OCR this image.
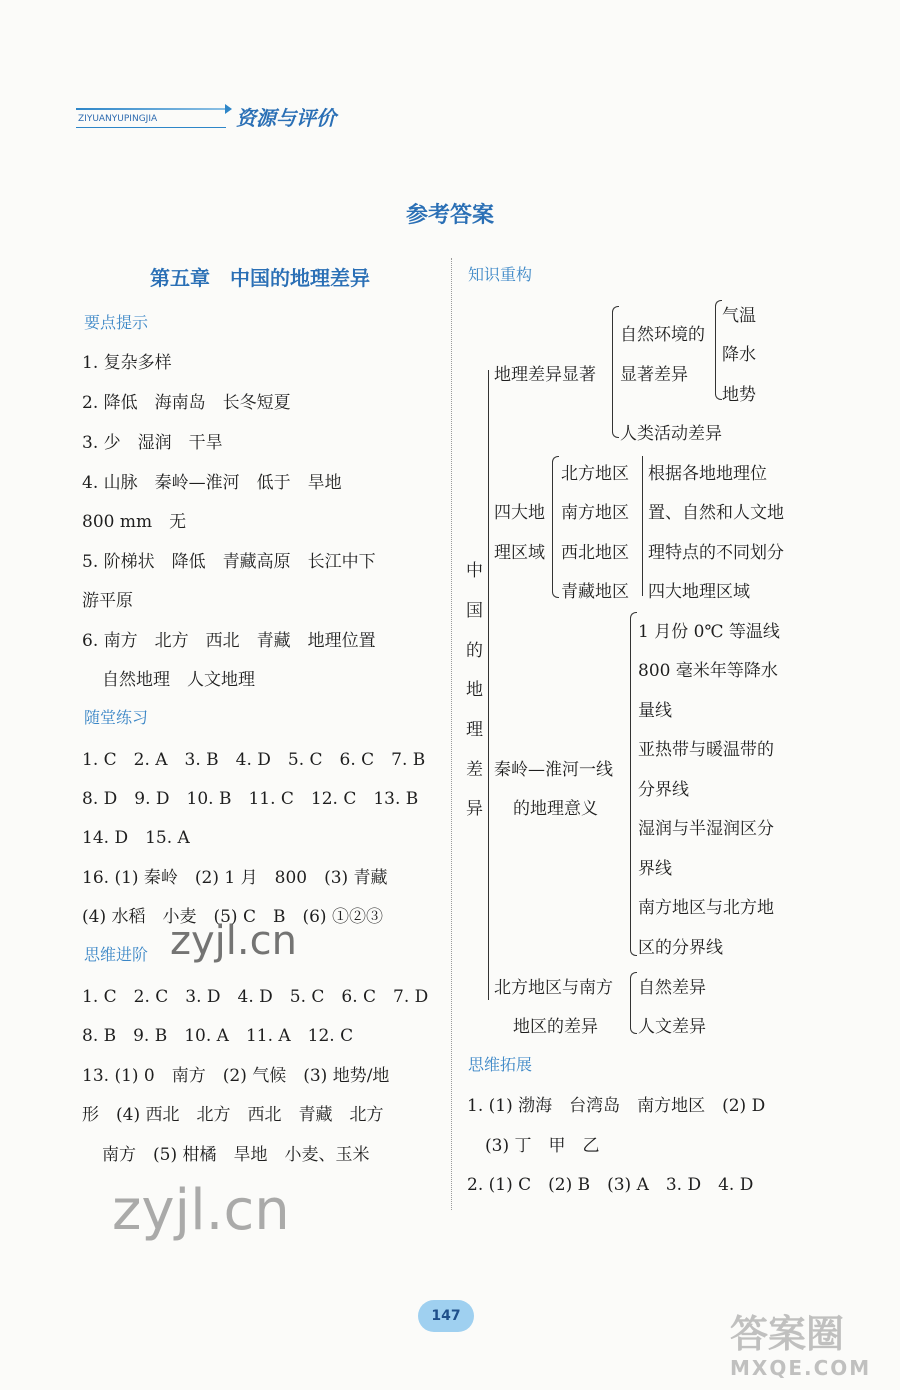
ZIYUANYUPINGJIA	资源与评价
参考答案
第五章　中国的地理差异
要点提示
1. 复杂多样
2. 降低　海南岛　长冬短夏
3. 少　湿润　干旱
4. 山脉　秦岭—淮河　低于　旱地
800 mm　无
5. 阶梯状　降低　青藏高原　长江中下
游平原
6. 南方　北方　西北　青藏　地理位置
自然地理　人文地理
随堂练习
1. C　2. A　3. B　4. D　5. C　6. C　7. B
8. D　9. D　10. B　11. C　12. C　13. B
14. D　15. A
16. (1) 秦岭　(2) 1 月　800　(3) 青藏
(4) 水稻　小麦　(5) C　B　(6) ①②③
思维进阶
1. C　2. C　3. D　4. D　5. C　6. C　7. D
8. B　9. B　10. A　11. A　12. C
13. (1) 0　南方　(2) 气候　(3) 地势/地
形　(4) 西北　北方　西北　青藏　北方
南方　(5) 柑橘　旱地　小麦、玉米
zyjl.cn
zyjl.cn
知识重构
中
国
的
地
理
差
异
地理差异显著
自然环境的
显著差异
气温
降水
地势
人类活动差异
四大地
理区域
北方地区
南方地区
西北地区
青藏地区
根据各地地理位
置、自然和人文地
理特点的不同划分
四大地理区域
秦岭—淮河一线
的地理意义
1 月份 0℃ 等温线
800 毫米年等降水
量线
亚热带与暖温带的
分界线
湿润与半湿润区分
界线
南方地区与北方地
区的分界线
北方地区与南方
地区的差异
自然差异
人文差异
思维拓展
1. (1) 渤海　台湾岛　南方地区　(2) D
(3) 丁　甲　乙
2. (1) C　(2) B　(3) A　3. D　4. D
147	答案圈
MXQE.COM
